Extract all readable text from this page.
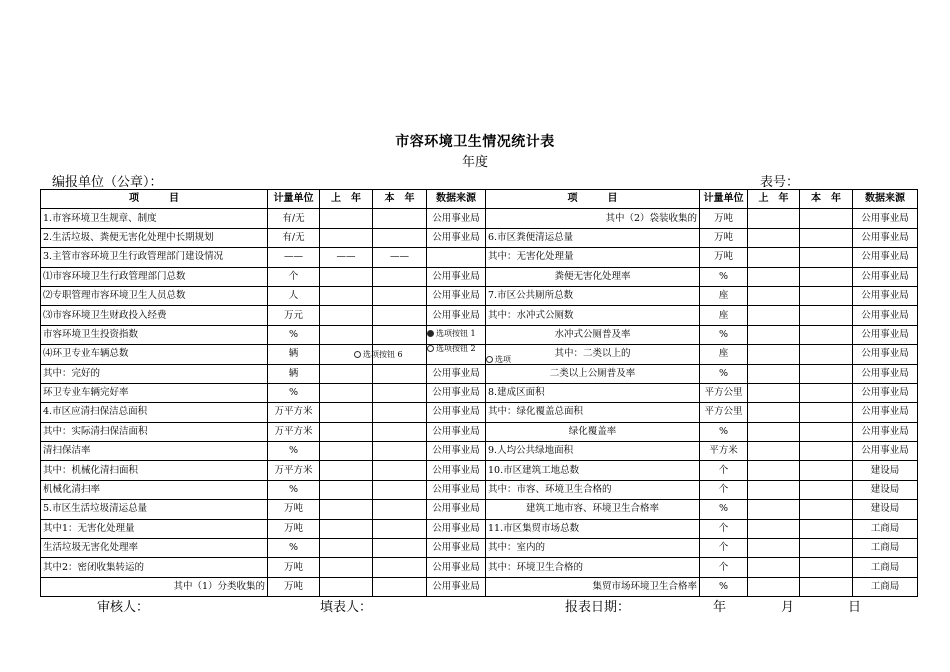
市容环境卫生情况统计表
年度
编报单位（公章）：	表号：
项　　　目	计量单位	上　年	本　年	数据来源	项　　　目	计量单位	上　年	本　年	数据来源
1.市容环境卫生规章、制度	有/无			公用事业局	其中（2）袋装收集的	万吨			公用事业局
2.生活垃圾、粪便无害化处理中长期规划	有/无			公用事业局	6.市区粪便清运总量	万吨			公用事业局
3.主管市容环境卫生行政管理部门建设情况	——	——	——		其中：无害化处理量	万吨			公用事业局
⑴市容环境卫生行政管理部门总数	个			公用事业局	粪便无害化处理率	%			公用事业局
⑵专职管理市容环境卫生人员总数	人			公用事业局	7.市区公共厕所总数	座			公用事业局
⑶市容环境卫生财政投入经费	万元			公用事业局	其中：水冲式公厕数	座			公用事业局
市容环境卫生投资指数	%				水冲式公厕普及率	%			公用事业局
⑷环卫专业车辆总数	辆				其中：二类以上的	座			公用事业局
其中：完好的	辆			公用事业局	二类以上公厕普及率	%			公用事业局
环卫专业车辆完好率	%			公用事业局	8.建成区面积	平方公里			公用事业局
4.市区应清扫保洁总面积	万平方米			公用事业局	其中：绿化覆盖总面积	平方公里			公用事业局
其中：实际清扫保洁面积	万平方米			公用事业局	绿化覆盖率	%			公用事业局
清扫保洁率	%			公用事业局	9.人均公共绿地面积	平方米			公用事业局
其中：机械化清扫面积	万平方米			公用事业局	10.市区建筑工地总数	个			建设局
机械化清扫率	%			公用事业局	其中：市容、环境卫生合格的	个			建设局
5.市区生活垃圾清运总量	万吨			公用事业局	建筑工地市容、环境卫生合格率	%			建设局
其中1：无害化处理量	万吨			公用事业局	11.市区集贸市场总数	个			工商局
生活垃圾无害化处理率	%			公用事业局	其中：室内的	个			工商局
其中2：密闭收集转运的	万吨			公用事业局	其中：环境卫生合格的	个			工商局
其中（1）分类收集的	万吨			公用事业局	集贸市场环境卫生合格率	%			工商局
选项按钮 6
选项按钮 1
选项按钮 2
选项
审核人：	填表人：	报表日期：	年	月	日
